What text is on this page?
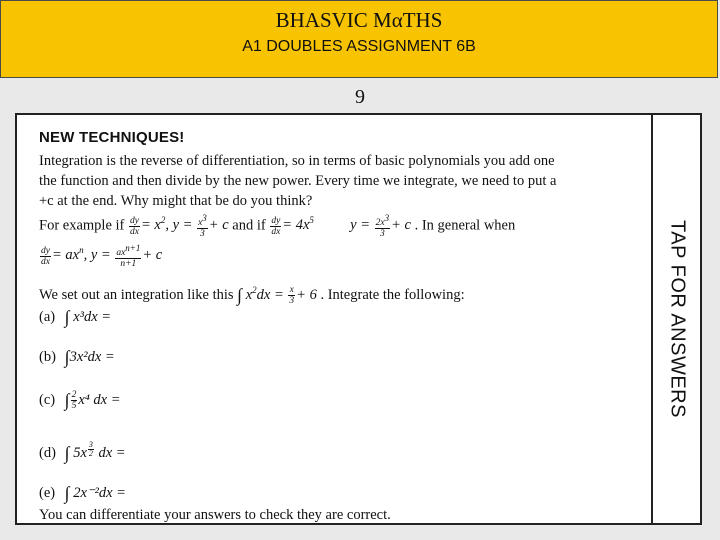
BHASVIC MαTHS
A1 DOUBLES ASSIGNMENT 6B
9
NEW TECHNIQUES!
Integration is the reverse of differentiation, so in terms of basic polynomials you add one
the function and then divide by the new power. Every time we integrate, we need to put a
+c at the end. Why might that be do you think?
For example if $\frac{dy}{dx} = x^2$, $y = \frac{x^3}{3} + c$ and if $\frac{dy}{dx} = 4x^5$          $y = \frac{2x^3}{3} + c$ . In general when
$\frac{dy}{dx} = ax^n$, $y = \frac{ax^{n+1}}{n+1} + c$
We set out an integration like this ∫ $x^2dx = \frac{x}{3} + 6$ . Integrate the following:
(a) ∫ x³dx =
(b) ∫3x²dx =
(c) ∫ $\frac{2}{5} x^4$ dx =
(d) ∫ 5x $^{\frac{3}{2}}$ dx =
(e) ∫ 2x⁻²dx =
You can differentiate your answers to check they are correct.
TAP FOR ANSWERS
